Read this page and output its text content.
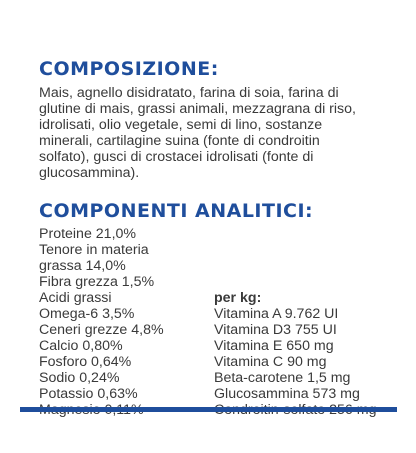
COMPOSIZIONE:

Mais, agnello disidratato, farina di soia, farina di
glutine di mais, grassi animali, mezzagrana di riso,
idrolisati, olio vegetale, semi di lino, sostanze
minerali, cartilagine suina (fonte di condroitin
solfato), gusci di crostacei idrolisati (fonte di
glucosammina).

COMPONENTI ANALITICI:
Proteine 21,0%
Tenore in materia
grassa 14,0%
Fibra grezza 1,5%
Acidi grassi
Omega-6 3,5%
Ceneri grezze 4,8%
Calcio 0,80%
Fosforo 0,64%
Sodio 0,24%
Potassio 0,63%
per kg:
Vitamina A 9.762 UI
Vitamina D3 755 UI
Vitamina E 650 mg
Vitamina C 90 mg
Beta-carotene 1,5 mg
Glucosammina 573 mg
